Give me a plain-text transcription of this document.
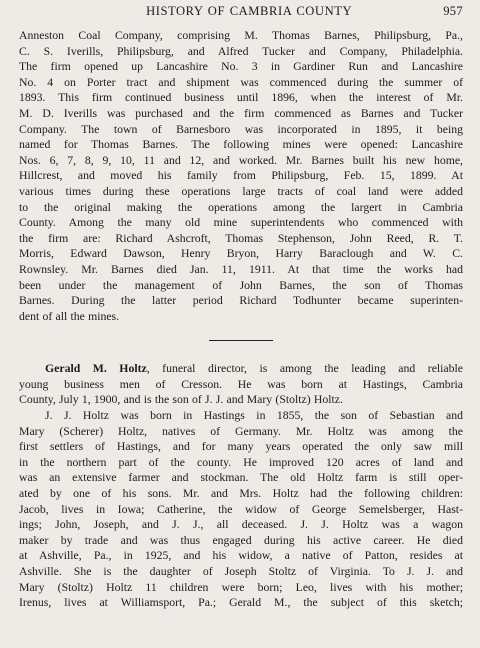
HISTORY OF CAMBRIA COUNTY	957
Anneston Coal Company, comprising M. Thomas Barnes, Philipsburg, Pa.,
C. S. Iverills, Philipsburg, and Alfred Tucker and Company, Philadelphia.
The firm opened up Lancashire No. 3 in Gardiner Run and Lancashire
No. 4 on Porter tract and shipment was commenced during the summer of
1893. This firm continued business until 1896, when the interest of Mr.
M. D. Iverills was purchased and the firm commenced as Barnes and Tucker
Company. The town of Barnesboro was incorporated in 1895, it being
named for Thomas Barnes. The following mines were opened: Lancashire
Nos. 6, 7, 8, 9, 10, 11 and 12, and worked. Mr. Barnes built his new home,
Hillcrest, and moved his family from Philipsburg, Feb. 15, 1899. At
various times during these operations large tracts of coal land were added
to the original making the operations among the largert in Cambria
County. Among the many old mine superintendents who commenced with
the firm are: Richard Ashcroft, Thomas Stephenson, John Reed, R. T.
Morris, Edward Dawson, Henry Bryon, Harry Baraclough and W. C.
Rownsley. Mr. Barnes died Jan. 11, 1911. At that time the works had
been under the management of John Barnes, the son of Thomas
Barnes. During the latter period Richard Todhunter became superinten-
dent of all the mines.
Gerald M. Holtz, funeral director, is among the leading and reliable
young business men of Cresson. He was born at Hastings, Cambria
County, July 1, 1900, and is the son of J. J. and Mary (Stoltz) Holtz.
J. J. Holtz was born in Hastings in 1855, the son of Sebastian and
Mary (Scherer) Holtz, natives of Germany. Mr. Holtz was among the
first settlers of Hastings, and for many years operated the only saw mill
in the northern part of the county. He improved 120 acres of land and
was an extensive farmer and stockman. The old Holtz farm is still oper-
ated by one of his sons. Mr. and Mrs. Holtz had the following children:
Jacob, lives in Iowa; Catherine, the widow of George Semelsberger, Hast-
ings; John, Joseph, and J. J., all deceased. J. J. Holtz was a wagon
maker by trade and was thus engaged during his active career. He died
at Ashville, Pa., in 1925, and his widow, a native of Patton, resides at
Ashville. She is the daughter of Joseph Stoltz of Virginia. To J. J. and
Mary (Stoltz) Holtz 11 children were born; Leo, lives with his mother;
Irenus, lives at Williamsport, Pa.; Gerald M., the subject of this sketch;
